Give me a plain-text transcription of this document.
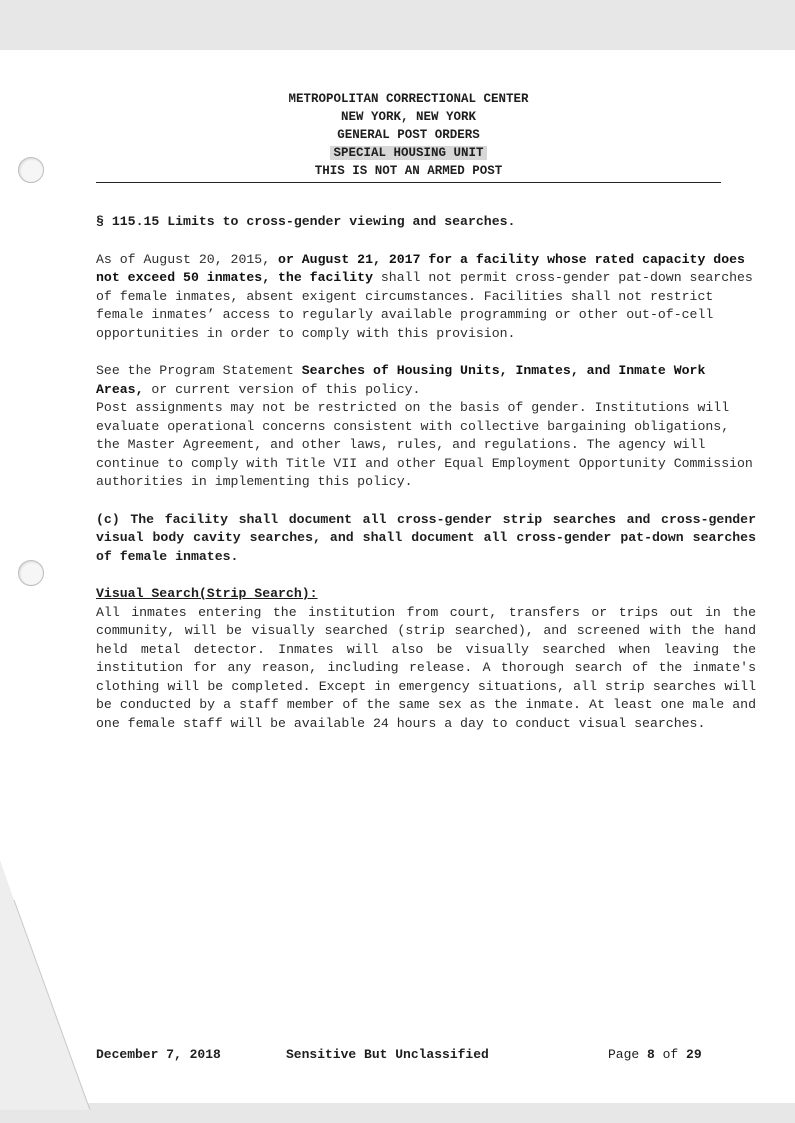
METROPOLITAN CORRECTIONAL CENTER
NEW YORK, NEW YORK
GENERAL POST ORDERS
SPECIAL HOUSING UNIT
THIS IS NOT AN ARMED POST

§ 115.15 Limits to cross-gender viewing and searches.

As of August 20, 2015, or August 21, 2017 for a facility whose rated capacity does not exceed 50 inmates, the facility shall not permit cross-gender pat-down searches of female inmates, absent exigent circumstances. Facilities shall not restrict female inmates’ access to regularly available programming or other out-of-cell opportunities in order to comply with this provision.

See the Program Statement Searches of Housing Units, Inmates, and Inmate Work Areas, or current version of this policy.

Post assignments may not be restricted on the basis of gender. Institutions will evaluate operational concerns consistent with collective bargaining obligations, the Master Agreement, and other laws, rules, and regulations. The agency will continue to comply with Title VII and other Equal Employment Opportunity Commission authorities in implementing this policy.

(c) The facility shall document all cross-gender strip searches and cross-gender visual body cavity searches, and shall document all cross-gender pat-down searches of female inmates.

Visual Search(Strip Search):

All inmates entering the institution from court, transfers or trips out in the community, will be visually searched (strip searched), and screened with the hand held metal detector. Inmates will also be visually searched when leaving the institution for any reason, including release. A thorough search of the inmate's clothing will be completed. Except in emergency situations, all strip searches will be conducted by a staff member of the same sex as the inmate. At least one male and one female staff will be available 24 hours a day to conduct visual searches.

December 7, 2018	Sensitive But Unclassified	Page 8 of 29
